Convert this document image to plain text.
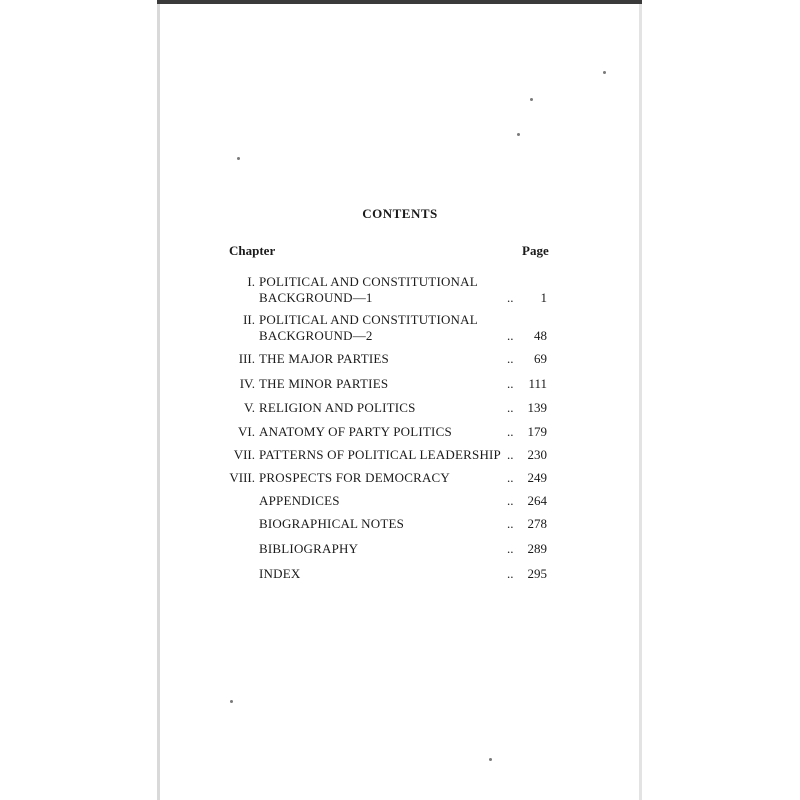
CONTENTS
Chapter	Page
I. POLITICAL AND CONSTITUTIONAL
BACKGROUND—1	.. 1
II. POLITICAL AND CONSTITUTIONAL
BACKGROUND—2	.. 48
III. THE MAJOR PARTIES	.. 69
IV. THE MINOR PARTIES	.. 111
V. RELIGION AND POLITICS	.. 139
VI. ANATOMY OF PARTY POLITICS	.. 179
VII. PATTERNS OF POLITICAL LEADERSHIP .. 230
VIII. PROSPECTS FOR DEMOCRACY	.. 249
APPENDICES	.. 264
BIOGRAPHICAL NOTES	.. 278
BIBLIOGRAPHY	.. 289
INDEX	.. 295
